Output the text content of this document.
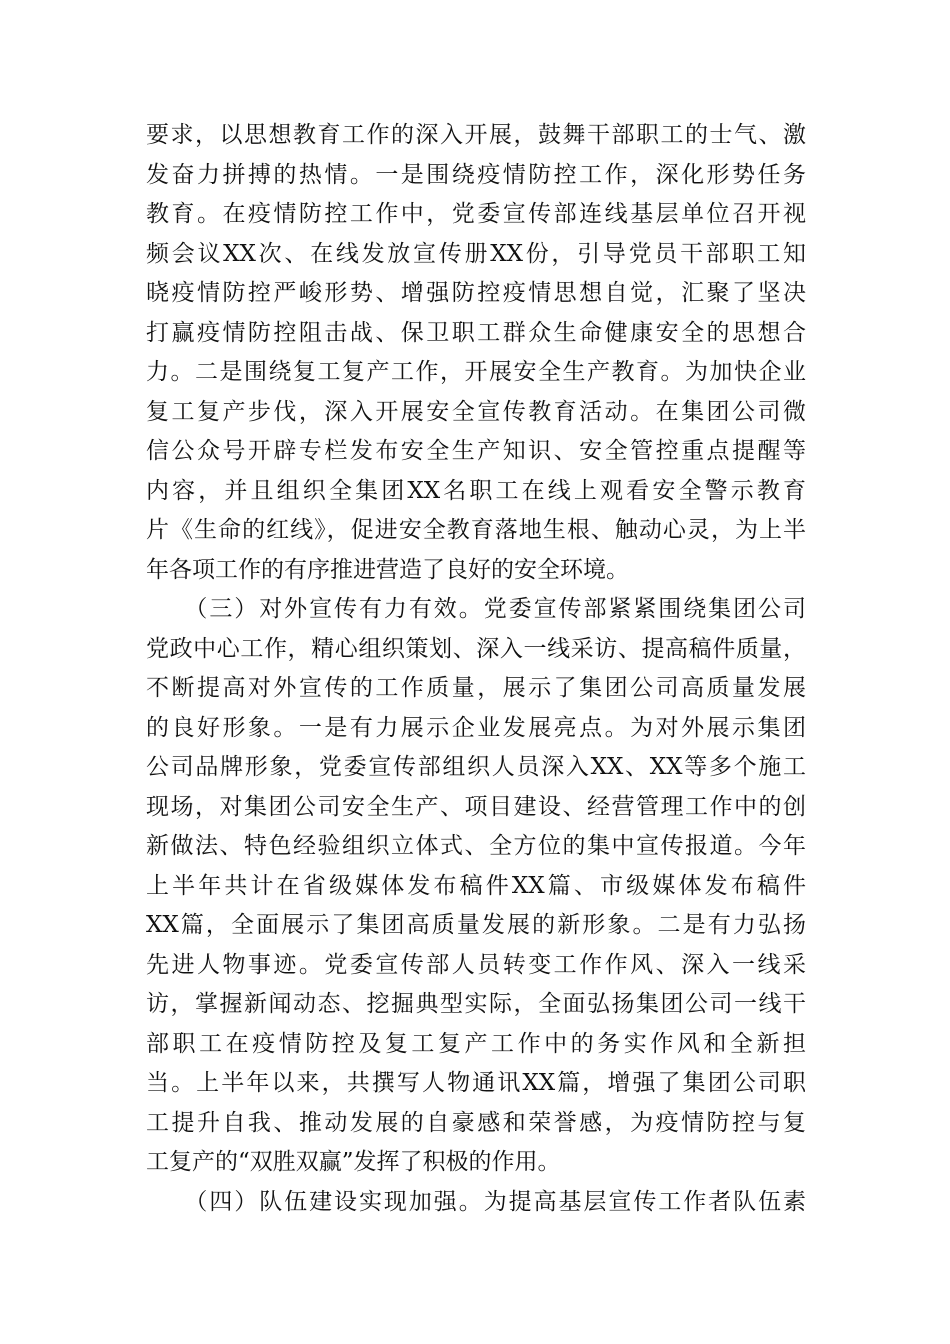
要求，以思想教育工作的深入开展，鼓舞干部职工的士气、激
发奋力拼搏的热情。一是围绕疫情防控工作，深化形势任务
教育。在疫情防控工作中，党委宣传部连线基层单位召开视
频会议XX次、在线发放宣传册XX份，引导党员干部职工知
晓疫情防控严峻形势、增强防控疫情思想自觉，汇聚了坚决
打赢疫情防控阻击战、保卫职工群众生命健康安全的思想合
力。二是围绕复工复产工作，开展安全生产教育。为加快企业
复工复产步伐，深入开展安全宣传教育活动。在集团公司微
信公众号开辟专栏发布安全生产知识、安全管控重点提醒等
内容，并且组织全集团XX名职工在线上观看安全警示教育
片《生命的红线》，促进安全教育落地生根、触动心灵，为上半
年各项工作的有序推进营造了良好的安全环境。
　　（三）对外宣传有力有效。党委宣传部紧紧围绕集团公司
党政中心工作，精心组织策划、深入一线采访、提高稿件质量，
不断提高对外宣传的工作质量，展示了集团公司高质量发展
的良好形象。一是有力展示企业发展亮点。为对外展示集团
公司品牌形象，党委宣传部组织人员深入XX、XX等多个施工
现场，对集团公司安全生产、项目建设、经营管理工作中的创
新做法、特色经验组织立体式、全方位的集中宣传报道。今年
上半年共计在省级媒体发布稿件XX篇、市级媒体发布稿件
XX篇，全面展示了集团高质量发展的新形象。二是有力弘扬
先进人物事迹。党委宣传部人员转变工作作风、深入一线采
访，掌握新闻动态、挖掘典型实际，全面弘扬集团公司一线干
部职工在疫情防控及复工复产工作中的务实作风和全新担
当。上半年以来，共撰写人物通讯XX篇，增强了集团公司职
工提升自我、推动发展的自豪感和荣誉感，为疫情防控与复
工复产的“双胜双赢”发挥了积极的作用。
　　（四）队伍建设实现加强。为提高基层宣传工作者队伍素
